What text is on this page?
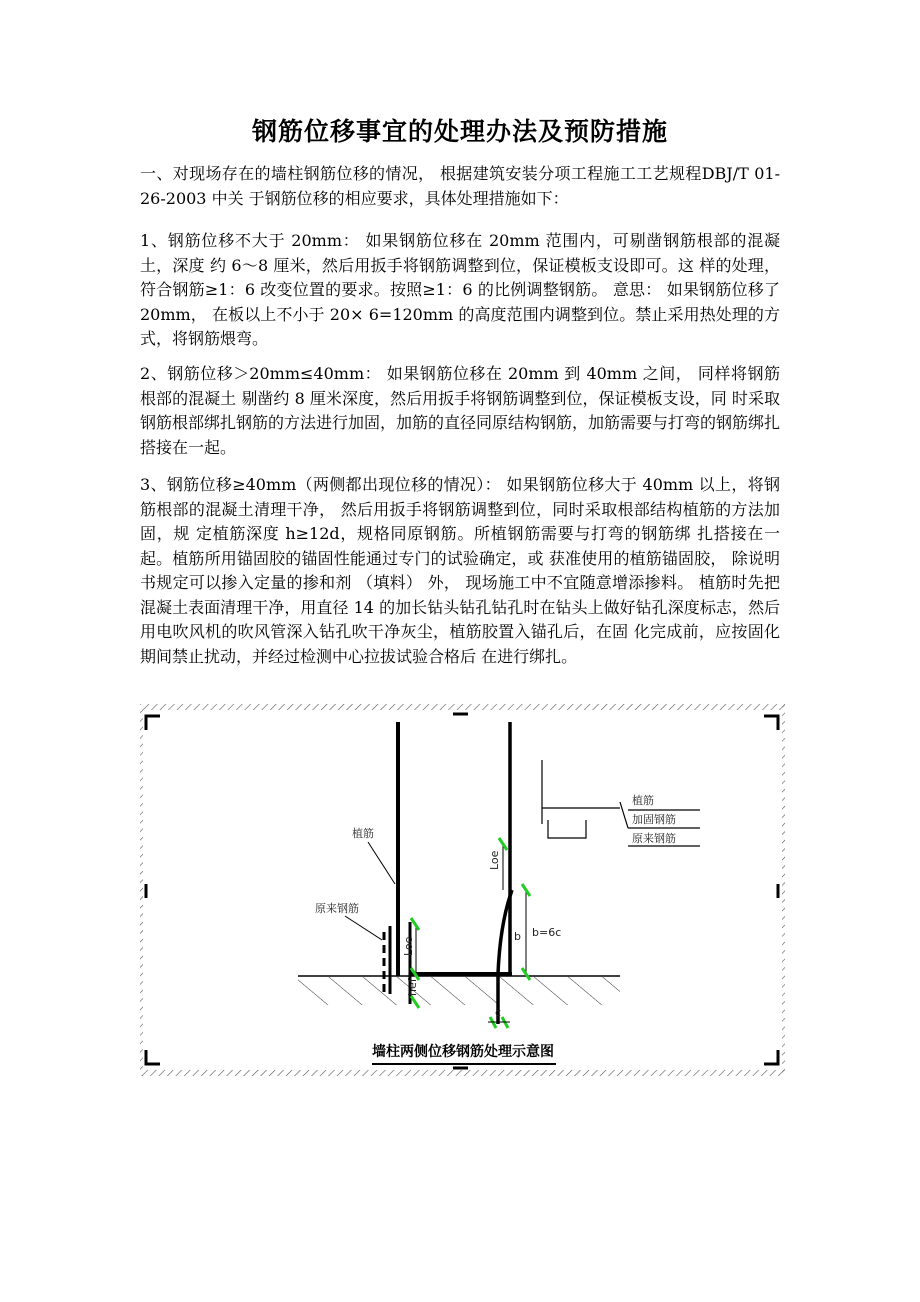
钢筋位移事宜的处理办法及预防措施
一、对现场存在的墙柱钢筋位移的情况， 根据建筑安装分项工程施工工艺规程DBJ/T 01-26-2003 中关 于钢筋位移的相应要求，具体处理措施如下：
1、钢筋位移不大于 20mm： 如果钢筋位移在 20mm 范围内，可剔凿钢筋根部的混凝土，深度 约 6～8 厘米，然后用扳手将钢筋调整到位，保证模板支设即可。这 样的处理，符合钢筋≥1：6 改变位置的要求。按照≥1：6 的比例调整钢筋。 意思： 如果钢筋位移了 20mm， 在板以上不小于 20× 6=120mm 的高度范围内调整到位。禁止采用热处理的方式，将钢筋煨弯。
2、钢筋位移＞20mm≤40mm： 如果钢筋位移在 20mm 到 40mm 之间， 同样将钢筋根部的混凝土 剔凿约 8 厘米深度，然后用扳手将钢筋调整到位，保证模板支设，同 时采取钢筋根部绑扎钢筋的方法进行加固，加筋的直径同原结构钢筋，加筋需要与打弯的钢筋绑扎搭接在一起。
3、钢筋位移≥40mm（两侧都出现位移的情况）： 如果钢筋位移大于 40mm 以上，将钢筋根部的混凝土清理干净， 然后用扳手将钢筋调整到位，同时采取根部结构植筋的方法加固，规 定植筋深度 h≥12d，规格同原钢筋。所植钢筋需要与打弯的钢筋绑 扎搭接在一起。植筋所用锚固胶的锚固性能通过专门的试验确定，或 获准使用的植筋锚固胶， 除说明书规定可以掺入定量的掺和剂 （填料） 外， 现场施工中不宜随意增添掺料。 植筋时先把混凝土表面清理干净，用直径 14 的加长钻头钻孔钻孔时在钻头上做好钻孔深度标志，然后 用电吹风机的吹风管深入钻孔吹干净灰尘，植筋胶置入锚孔后，在固 化完成前，应按固化期间禁止扰动，并经过检测中心拉拔试验合格后 在进行绑扎。
植筋
原来钢筋
Loe
Loe
b b=6c
hef
c
植筋
加固钢筋
原来钢筋
墙柱两侧位移钢筋处理示意图
